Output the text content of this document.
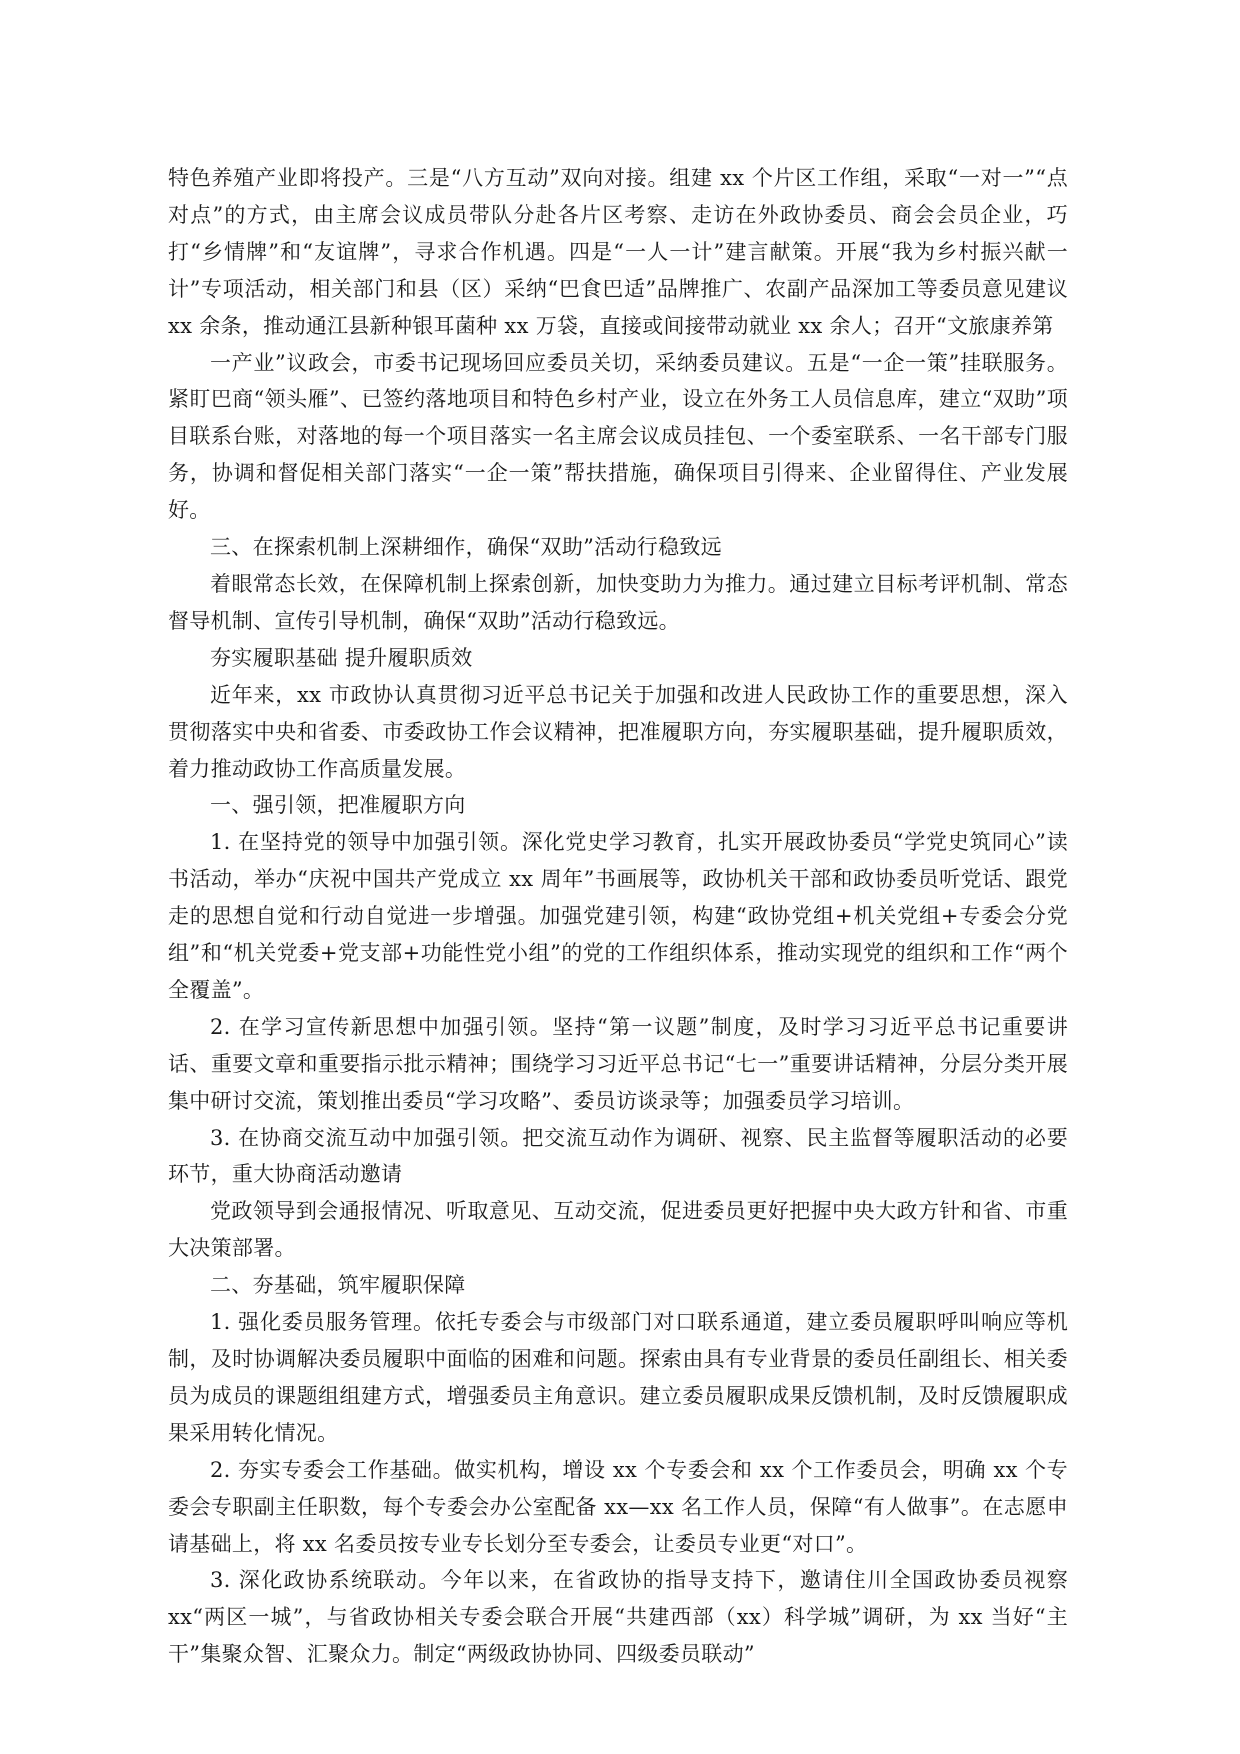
特色养殖产业即将投产。三是“八方互动”双向对接。组建 xx 个片区工作组，采取“一对一”“点对点”的方式，由主席会议成员带队分赴各片区考察、走访在外政协委员、商会会员企业，巧打“乡情牌”和“友谊牌”，寻求合作机遇。四是“一人一计”建言献策。开展“我为乡村振兴献一计”专项活动，相关部门和县（区）采纳“巴食巴适”品牌推广、农副产品深加工等委员意见建议 xx 余条，推动通江县新种银耳菌种 xx 万袋，直接或间接带动就业 xx 余人；召开“文旅康养第

一产业”议政会，市委书记现场回应委员关切，采纳委员建议。五是“一企一策”挂联服务。紧盯巴商“领头雁”、已签约落地项目和特色乡村产业，设立在外务工人员信息库，建立“双助”项目联系台账，对落地的每一个项目落实一名主席会议成员挂包、一个委室联系、一名干部专门服务，协调和督促相关部门落实“一企一策”帮扶措施，确保项目引得来、企业留得住、产业发展好。

三、在探索机制上深耕细作，确保“双助”活动行稳致远

着眼常态长效，在保障机制上探索创新，加快变助力为推力。通过建立目标考评机制、常态督导机制、宣传引导机制，确保“双助”活动行稳致远。

夯实履职基础 提升履职质效

近年来，xx 市政协认真贯彻习近平总书记关于加强和改进人民政协工作的重要思想，深入贯彻落实中央和省委、市委政协工作会议精神，把准履职方向，夯实履职基础，提升履职质效，着力推动政协工作高质量发展。

一、强引领，把准履职方向

1. 在坚持党的领导中加强引领。深化党史学习教育，扎实开展政协委员“学党史筑同心”读书活动，举办“庆祝中国共产党成立 xx 周年”书画展等，政协机关干部和政协委员听党话、跟党走的思想自觉和行动自觉进一步增强。加强党建引领，构建“政协党组+机关党组+专委会分党组”和“机关党委+党支部+功能性党小组”的党的工作组织体系，推动实现党的组织和工作“两个全覆盖”。

2. 在学习宣传新思想中加强引领。坚持“第一议题”制度，及时学习习近平总书记重要讲话、重要文章和重要指示批示精神；围绕学习习近平总书记“七一”重要讲话精神，分层分类开展集中研讨交流，策划推出委员“学习攻略”、委员访谈录等；加强委员学习培训。

3. 在协商交流互动中加强引领。把交流互动作为调研、视察、民主监督等履职活动的必要环节，重大协商活动邀请

党政领导到会通报情况、听取意见、互动交流，促进委员更好把握中央大政方针和省、市重大决策部署。

二、夯基础，筑牢履职保障

1. 强化委员服务管理。依托专委会与市级部门对口联系通道，建立委员履职呼叫响应等机制，及时协调解决委员履职中面临的困难和问题。探索由具有专业背景的委员任副组长、相关委员为成员的课题组组建方式，增强委员主角意识。建立委员履职成果反馈机制，及时反馈履职成果采用转化情况。

2. 夯实专委会工作基础。做实机构，增设 xx 个专委会和 xx 个工作委员会，明确 xx 个专委会专职副主任职数，每个专委会办公室配备 xx—xx 名工作人员，保障“有人做事”。在志愿申请基础上，将 xx 名委员按专业专长划分至专委会，让委员专业更“对口”。

3. 深化政协系统联动。今年以来，在省政协的指导支持下，邀请住川全国政协委员视察 xx“两区一城”，与省政协相关专委会联合开展“共建西部（xx）科学城”调研，为 xx 当好“主干”集聚众智、汇聚众力。制定“两级政协协同、四级委员联动”
